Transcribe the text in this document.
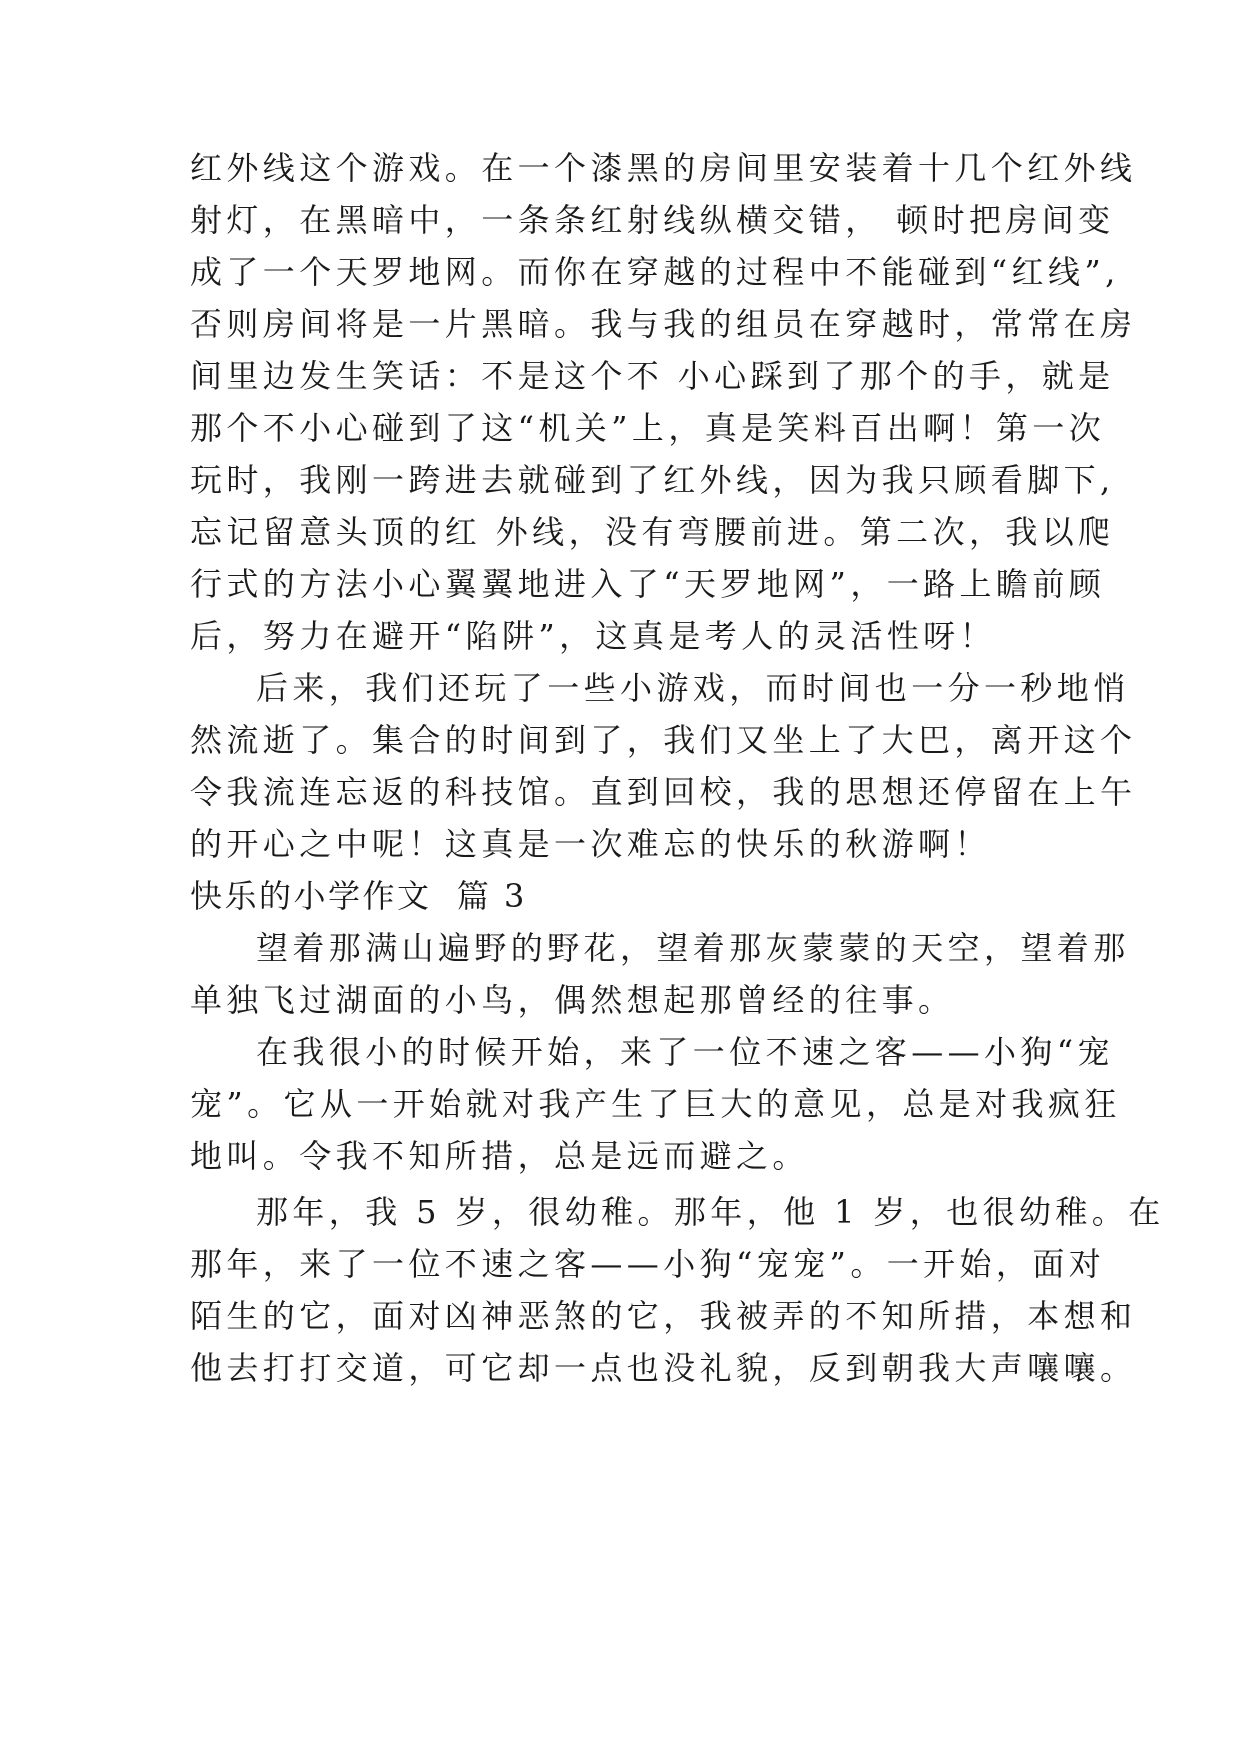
红外线这个游戏。在一个漆黑的房间里安装着十几个红外线
射灯，在黑暗中，一条条红射线纵横交错， 顿时把房间变
成了一个天罗地网。而你在穿越的过程中不能碰到“红线”,
否则房间将是一片黑暗。我与我的组员在穿越时，常常在房
间里边发生笑话：不是这个不 小心踩到了那个的手，就是
那个不小心碰到了这“机关”上，真是笑料百出啊！第一次
玩时，我刚一跨进去就碰到了红外线，因为我只顾看脚下,
忘记留意头顶的红 外线，没有弯腰前进。第二次，我以爬
行式的方法小心翼翼地进入了“天罗地网”，一路上瞻前顾
后，努力在避开“陷阱”，这真是考人的灵活性呀！
后来，我们还玩了一些小游戏，而时间也一分一秒地悄
然流逝了。集合的时间到了，我们又坐上了大巴，离开这个
令我流连忘返的科技馆。直到回校，我的思想还停留在上午
的开心之中呢！这真是一次难忘的快乐的秋游啊！
快乐的小学作文  篇 3
望着那满山遍野的野花，望着那灰蒙蒙的天空，望着那
单独飞过湖面的小鸟，偶然想起那曾经的往事。
在我很小的时候开始，来了一位不速之客——小狗“宠
宠”。它从一开始就对我产生了巨大的意见，总是对我疯狂
地叫。令我不知所措，总是远而避之。
那年，我 5 岁，很幼稚。那年，他 1 岁，也很幼稚。在
那年，来了一位不速之客——小狗“宠宠”。一开始，面对
陌生的它，面对凶神恶煞的它，我被弄的不知所措，本想和
他去打打交道，可它却一点也没礼貌，反到朝我大声嚷嚷。
